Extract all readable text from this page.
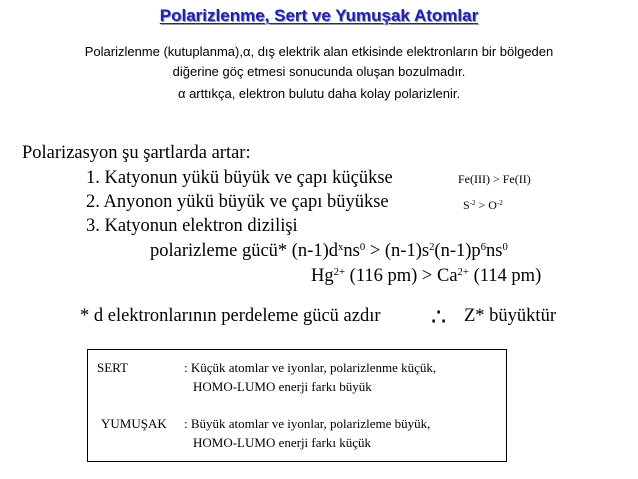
Polarizlenme, Sert ve Yumuşak Atomlar
Polarizlenme (kutuplanma),α, dış elektrik alan etkisinde elektronların bir bölgeden
diğerine göç etmesi sonucunda oluşan bozulmadır.
α arttıkça, elektron bulutu daha kolay polarizlenir.
Polarizasyon şu şartlarda artar:
1. Katyonun yükü büyük ve çapı küçükse	Fe(III) > Fe(II)
2. Anyonon yükü büyük ve çapı büyükse	$S^{-2} > O^{-2}$
3. Katyonun elektron dizilişi
polarizleme gücü* $(n-1)d^xns^0 > (n-1)s^2(n-1)p^6ns^0$
$Hg^{2+}$ (116 $pm) > Ca^{2+}$ (114 pm)
* d elektronlarının perdeleme gücü azdır ∴ Z* büyüktür
SERT	: Küçük atomlar ve iyonlar, polarizlenme küçük,
HOMO-LUMO enerji farkı büyük
YUMUŞAK : Büyük atomlar ve iyonlar, polarizleme büyük,
HOMO-LUMO enerji farkı küçük
